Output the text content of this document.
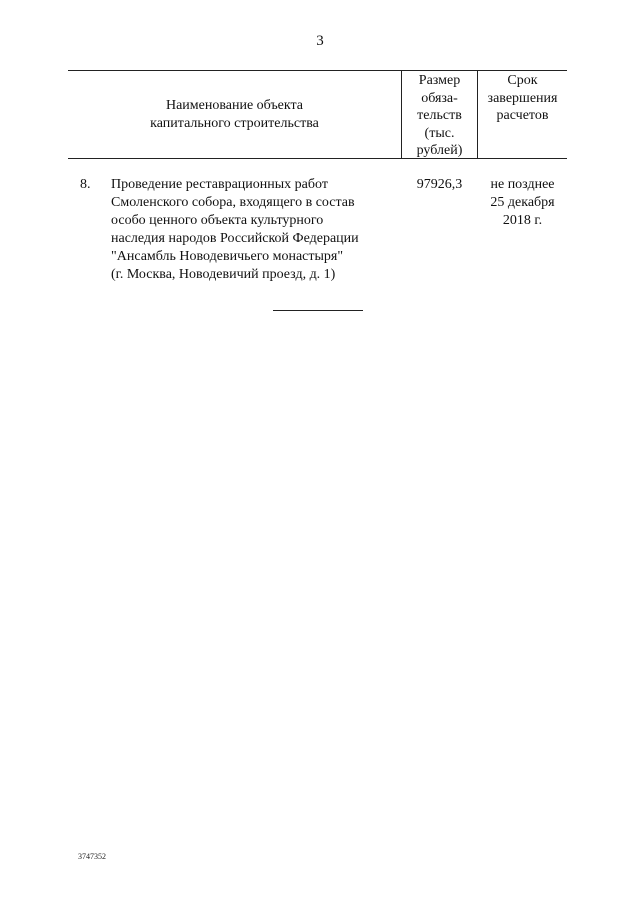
3
Наименование объекта
капитального строительства
Размер
обяза-
тельств
(тыс.
рублей)
Срок
завершения
расчетов
8. Проведение реставрационных работ
Смоленского собора, входящего в состав
особо ценного объекта культурного
наследия народов Российской Федерации
"Ансамбль Новодевичьего монастыря"
(г. Москва, Новодевичий проезд, д. 1)
97926,3	не позднее
25 декабря
2018 г.
3747352
